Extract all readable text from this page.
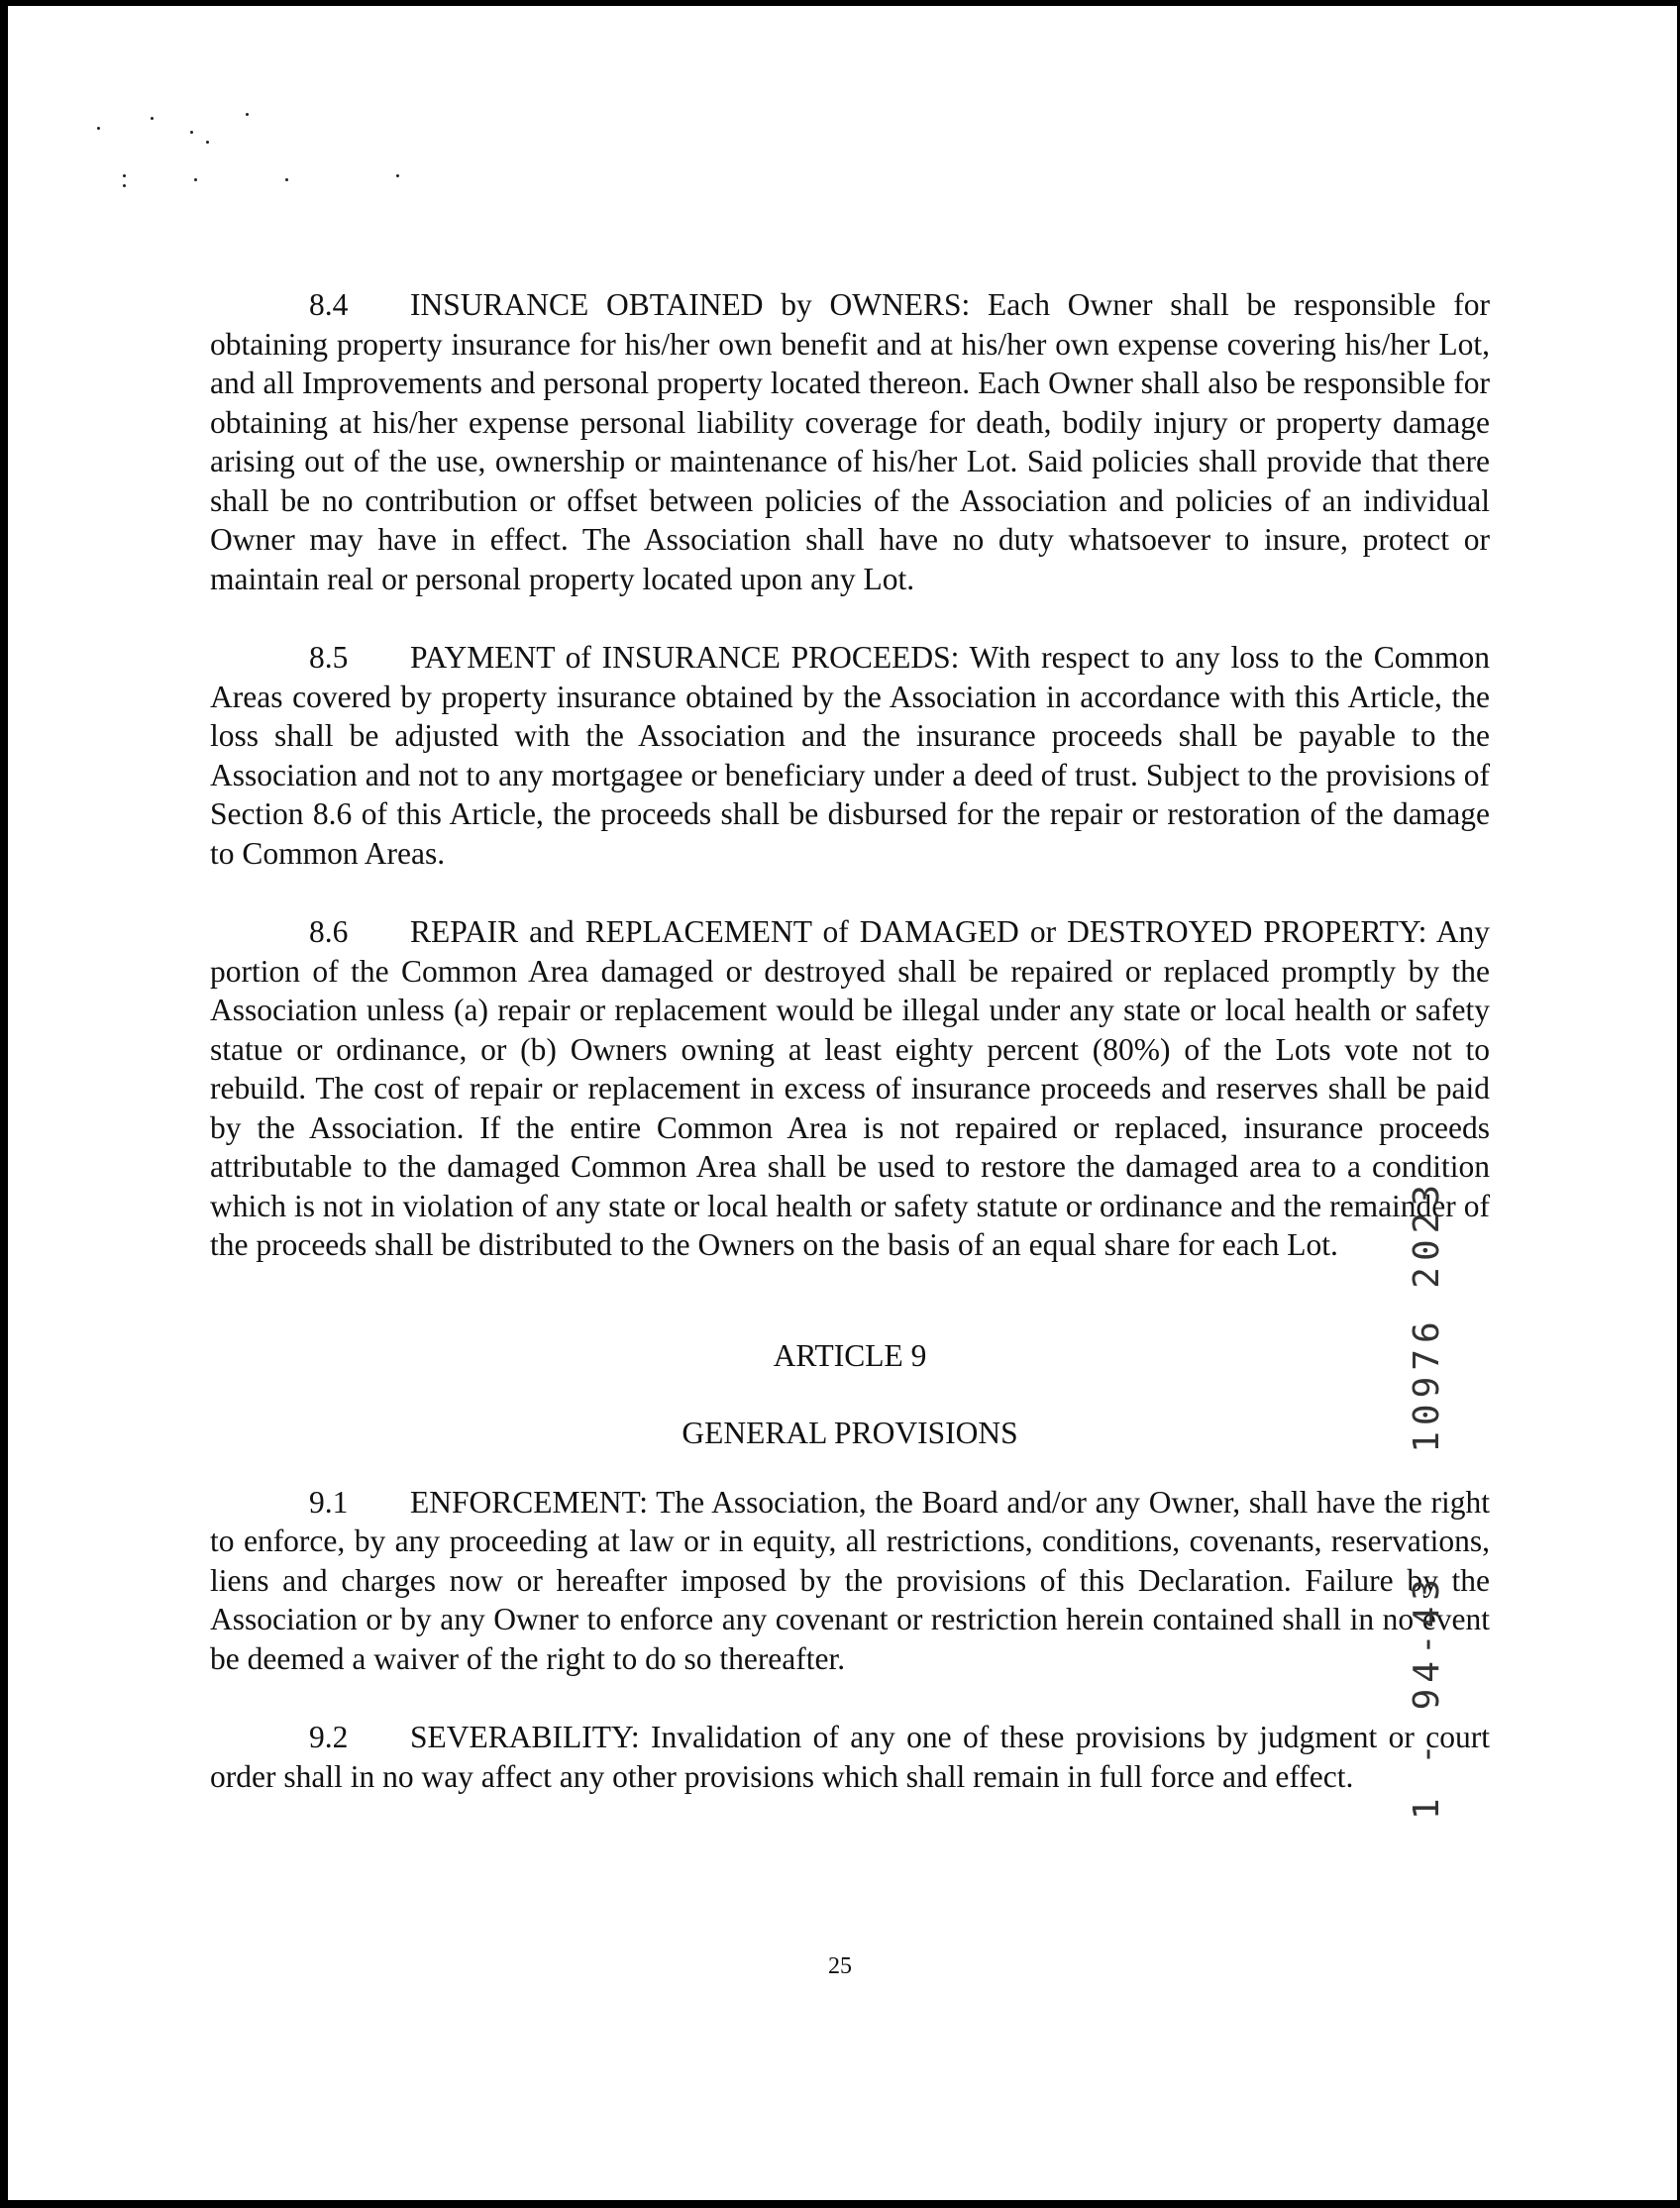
8.4 INSURANCE OBTAINED by OWNERS: Each Owner shall be responsible for obtaining property insurance for his/her own benefit and at his/her own expense covering his/her Lot, and all Improvements and personal property located thereon. Each Owner shall also be responsible for obtaining at his/her expense personal liability coverage for death, bodily injury or property damage arising out of the use, ownership or maintenance of his/her Lot. Said policies shall provide that there shall be no contribution or offset between policies of the Association and policies of an individual Owner may have in effect. The Association shall have no duty whatsoever to insure, protect or maintain real or personal property located upon any Lot.

8.5 PAYMENT of INSURANCE PROCEEDS: With respect to any loss to the Common Areas covered by property insurance obtained by the Association in accordance with this Article, the loss shall be adjusted with the Association and the insurance proceeds shall be payable to the Association and not to any mortgagee or beneficiary under a deed of trust. Subject to the provisions of Section 8.6 of this Article, the proceeds shall be disbursed for the repair or restoration of the damage to Common Areas.

8.6 REPAIR and REPLACEMENT of DAMAGED or DESTROYED PROPERTY: Any portion of the Common Area damaged or destroyed shall be repaired or replaced promptly by the Association unless (a) repair or replacement would be illegal under any state or local health or safety statue or ordinance, or (b) Owners owning at least eighty percent (80%) of the Lots vote not to rebuild. The cost of repair or replacement in excess of insurance proceeds and reserves shall be paid by the Association. If the entire Common Area is not repaired or replaced, insurance proceeds attributable to the damaged Common Area shall be used to restore the damaged area to a condition which is not in violation of any state or local health or safety statute or ordinance and the remainder of the proceeds shall be distributed to the Owners on the basis of an equal share for each Lot.

ARTICLE 9
GENERAL PROVISIONS

9.1 ENFORCEMENT: The Association, the Board and/or any Owner, shall have the right to enforce, by any proceeding at law or in equity, all restrictions, conditions, covenants, reservations, liens and charges now or hereafter imposed by the provisions of this Declaration. Failure by the Association or by any Owner to enforce any covenant or restriction herein contained shall in no event be deemed a waiver of the right to do so thereafter.

9.2 SEVERABILITY: Invalidation of any one of these provisions by judgment or court order shall in no way affect any other provisions which shall remain in full force and effect.

10976 2023
1 - 94-43
25
